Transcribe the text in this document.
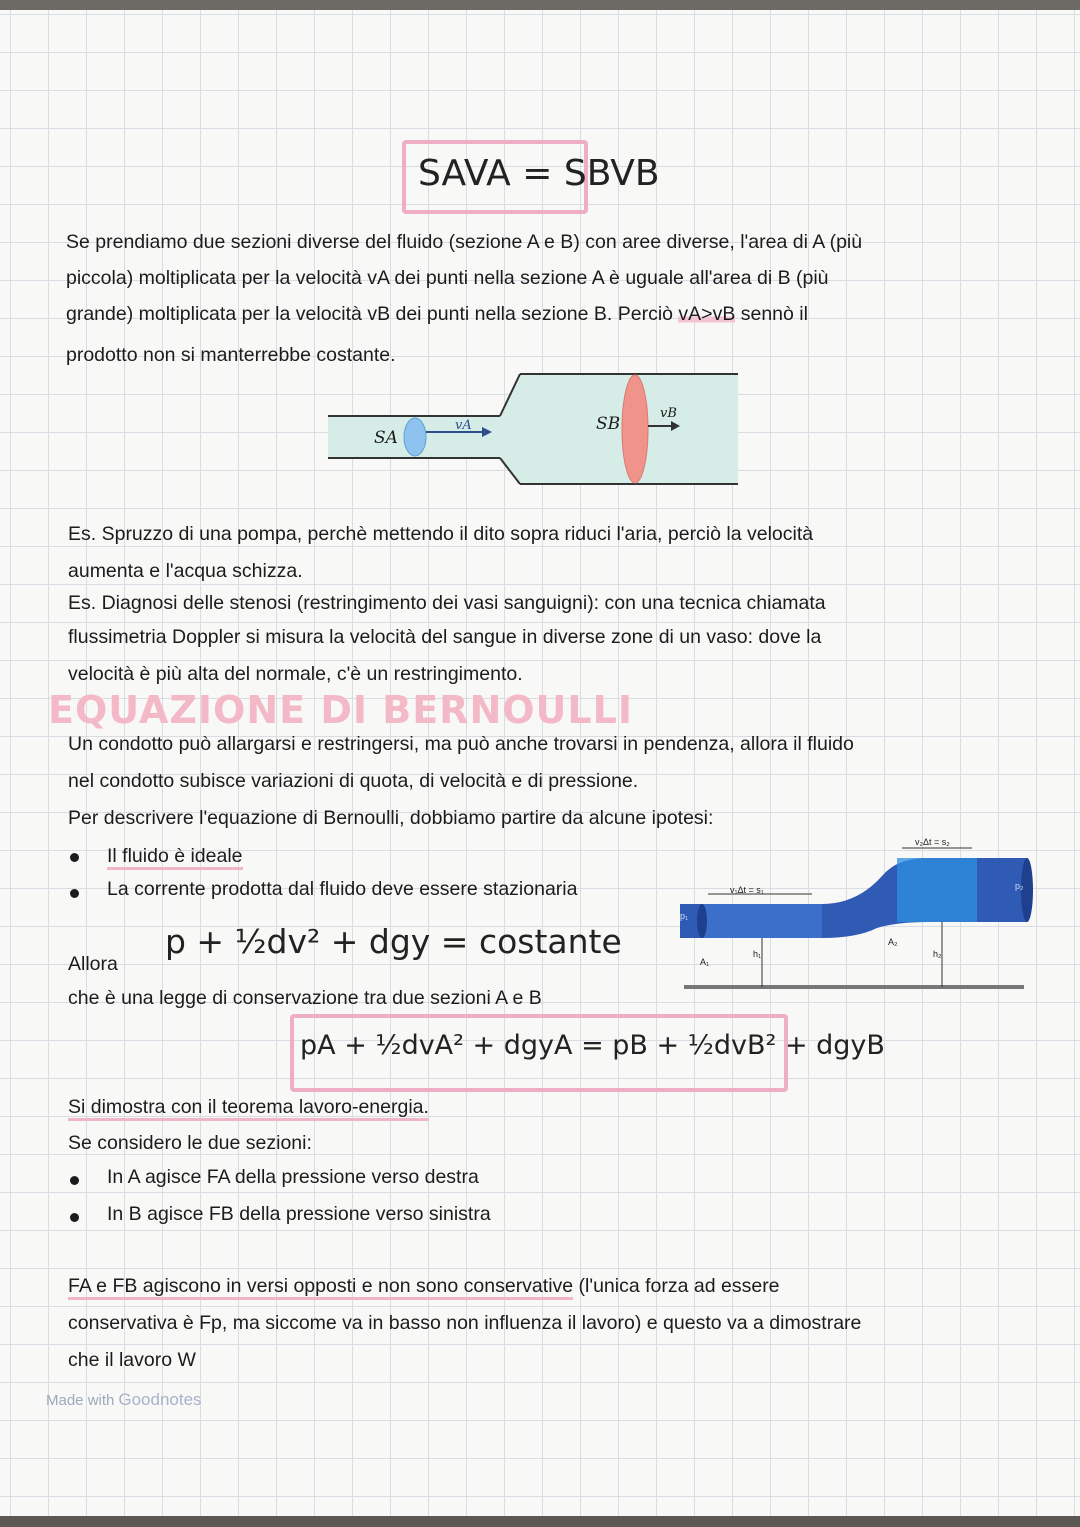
SAVA = SBVB
Se prendiamo due sezioni diverse del fluido (sezione A e B) con aree diverse, l'area di A (più
piccola) moltiplicata per la velocità vA dei punti nella sezione A è uguale all'area di B (più
grande) moltiplicata per la velocità vB dei punti nella sezione B. Perciò vA>vB sennò il
prodotto non si manterrebbe costante.
SA
vA	SB
vB
Es. Spruzzo di una pompa, perchè mettendo il dito sopra riduci l'aria, perciò la velocità
aumenta e l'acqua schizza.
Es. Diagnosi delle stenosi (restringimento dei vasi sanguigni): con una tecnica chiamata
flussimetria Doppler si misura la velocità del sangue in diverse zone di un vaso: dove la
velocità è più alta del normale, c'è un restringimento.
EQUAZIONE DI BERNOULLI
Un condotto può allargarsi e restringersi, ma può anche trovarsi in pendenza, allora il fluido
nel condotto subisce variazioni di quota, di velocità e di pressione.
Per descrivere l'equazione di Bernoulli, dobbiamo partire da alcune ipotesi:
Il fluido è ideale
La corrente prodotta dal fluido deve essere stazionaria
Allora
p + ½dv² + dgy = costante
che è una legge di conservazione tra due sezioni A e B
v₂Δt = s₂
v₁Δt = s₁
A₁
h₁
A₂
h₂
p₁
p₂
pA + ½dvA² + dgyA = pB + ½dvB² + dgyB
Si dimostra con il teorema lavoro-energia.
Se considero le due sezioni:
In A agisce FA della pressione verso destra
In B agisce FB della pressione verso sinistra
FA e FB agiscono in versi opposti e non sono conservative (l'unica forza ad essere
conservativa è Fp, ma siccome va in basso non influenza il lavoro) e questo va a dimostrare
che il lavoro W
Made with Goodnotes
